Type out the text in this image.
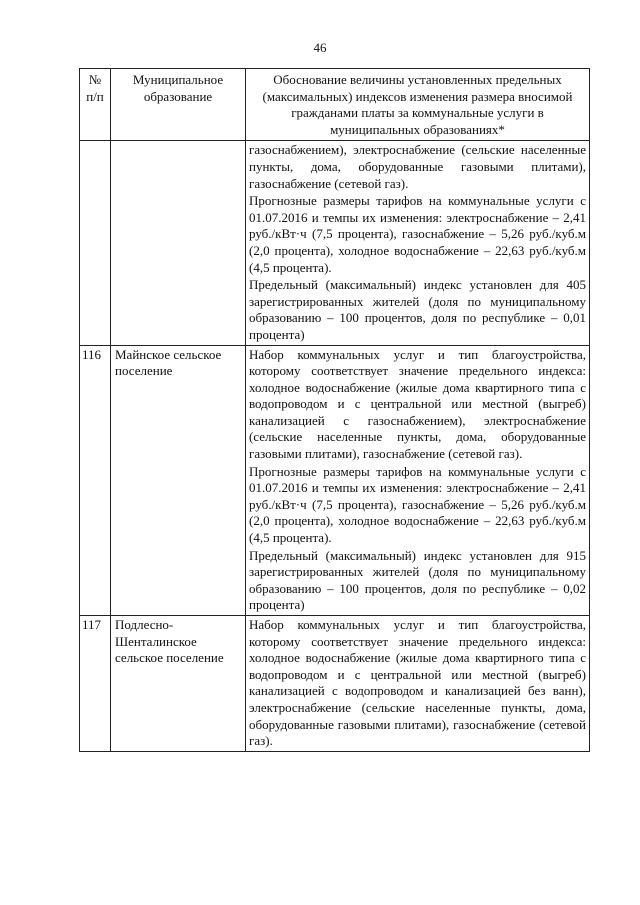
46
№ п/п	Муниципальное образование	Обоснование величины установленных предельных (максимальных) индексов изменения размера вносимой гражданами платы за коммунальные услуги в муниципальных образованиях*

		газоснабжением), электроснабжение (сельские населенные пункты, дома, оборудованные газовыми плитами), газоснабжение (сетевой газ).

Прогнозные размеры тарифов на коммунальные услуги с 01.07.2016 и темпы их изменения: электроснабжение – 2,41 руб./кВт·ч (7,5 процента), газоснабжение – 5,26 руб./куб.м (2,0 процента), холодное водоснабжение – 22,63 руб./куб.м (4,5 процента).

Предельный (максимальный) индекс установлен для 405 зарегистрированных жителей (доля по муниципальному образованию – 100 процентов, доля по республике – 0,01 процента)

116	Майнское сельское поселение	Набор коммунальных услуг и тип благоустройства, которому соответствует значение предельного индекса: холодное водоснабжение (жилые дома квартирного типа с водопроводом и с центральной или местной (выгреб) канализацией с газоснабжением), электроснабжение (сельские населенные пункты, дома, оборудованные газовыми плитами), газоснабжение (сетевой газ).

Прогнозные размеры тарифов на коммунальные услуги с 01.07.2016 и темпы их изменения: электроснабжение – 2,41 руб./кВт·ч (7,5 процента), газоснабжение – 5,26 руб./куб.м (2,0 процента), холодное водоснабжение – 22,63 руб./куб.м (4,5 процента).

Предельный (максимальный) индекс установлен для 915 зарегистрированных жителей (доля по муниципальному образованию – 100 процентов, доля по республике – 0,02 процента)

117	Подлесно-Шенталинское сельское поселение	Набор коммунальных услуг и тип благоустройства, которому соответствует значение предельного индекса: холодное водоснабжение (жилые дома квартирного типа с водопроводом и с центральной или местной (выгреб) канализацией с водопроводом и канализацией без ванн), электроснабжение (сельские населенные пункты, дома, оборудованные газовыми плитами), газоснабжение (сетевой газ).
